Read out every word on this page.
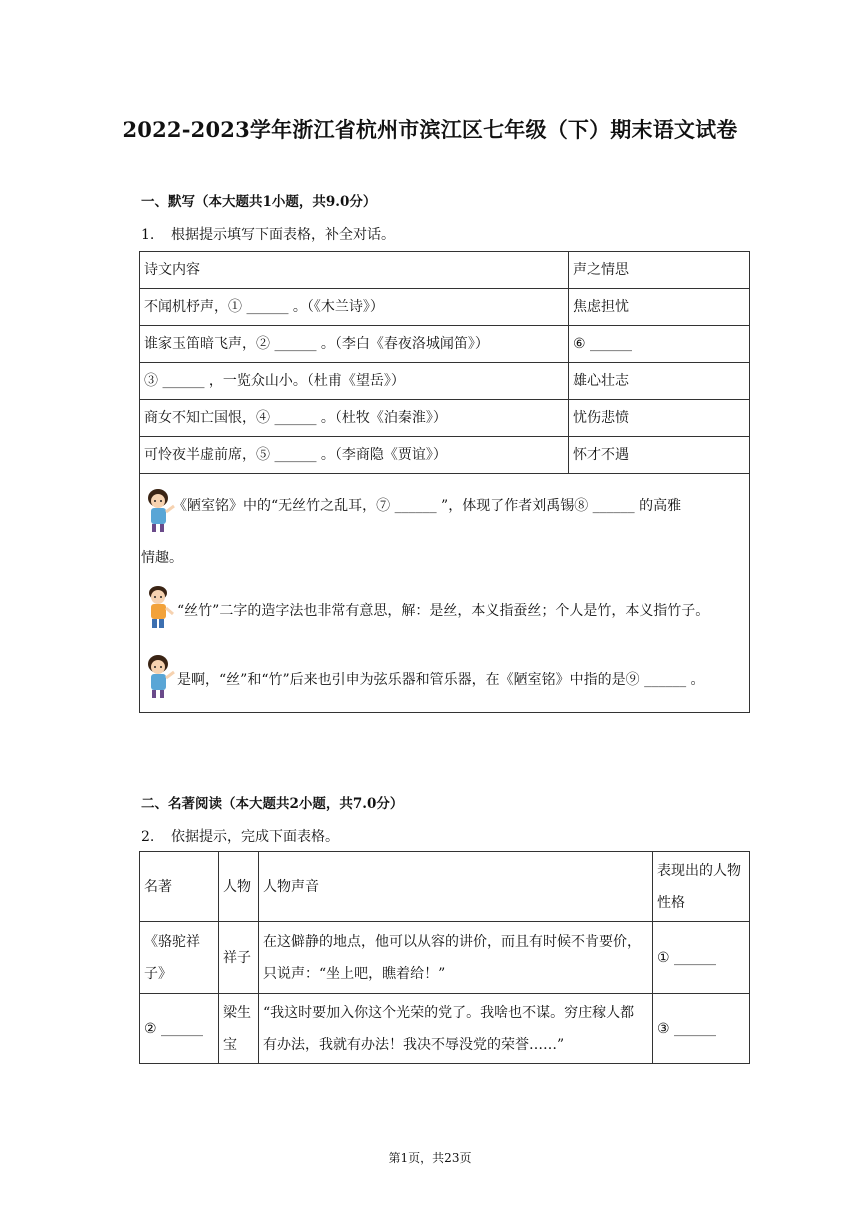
2022-2023学年浙江省杭州市滨江区七年级（下）期末语文试卷
一、默写（本大题共1小题，共9.0分）
1. 根据提示填写下面表格，补全对话。
诗文内容	声之情思
不闻机杼声，① ______ 。（《木兰诗》）	焦虑担忧
谁家玉笛暗飞声，② ______ 。（李白《春夜洛城闻笛》）	⑥ ______
③ ______ ，一览众山小。（杜甫《望岳》）	雄心壮志
商女不知亡国恨，④ ______ 。（杜牧《泊秦淮》）	忧伤悲愤
可怜夜半虚前席，⑤ ______ 。（李商隐《贾谊》）	怀才不遇

《陋室铭》中的“无丝竹之乱耳，⑦ ______ ”，体现了作者刘禹锡⑧ ______ 的高雅
情趣。
“丝竹”二字的造字法也非常有意思，解：是丝，本义指蚕丝；个人是竹，本义指竹子。
是啊，“丝”和“竹”后来也引申为弦乐器和管乐器，在《陋室铭》中指的是⑨ ______ 。	
二、名著阅读（本大题共2小题，共7.0分）
2. 依据提示，完成下面表格。
名著	人物	人物声音	表现出的人物性格
《骆驼祥子》	祥子	在这僻静的地点，他可以从容的讲价，而且有时候不肯要价，只说声：“坐上吧，瞧着给！”	① ______
② ______	梁生宝	“我这时要加入你这个光荣的党了。我啥也不谋。穷庄稼人都有办法，我就有办法！我决不辱没党的荣誉……”	③ ______
第1页，共23页
